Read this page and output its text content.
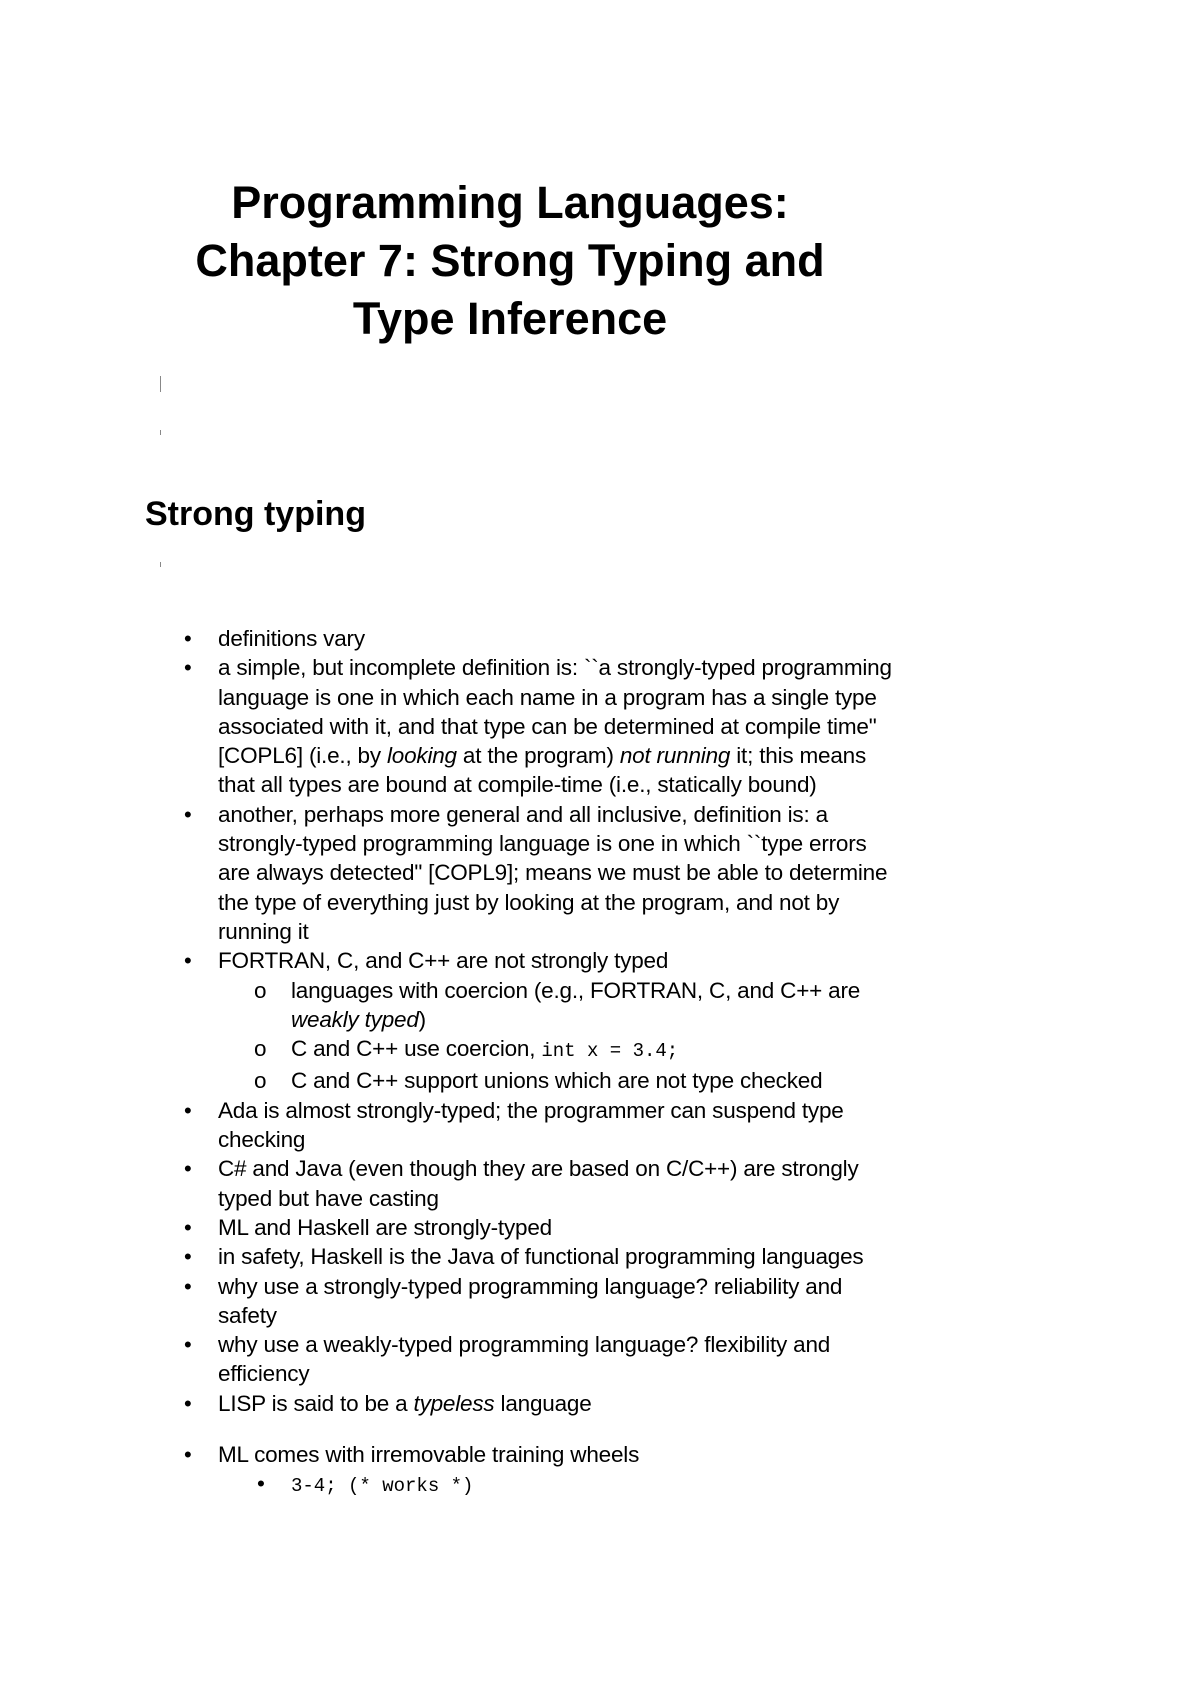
Programming Languages:
Chapter 7: Strong Typing and
Type Inference
Strong typing
• definitions vary
• a simple, but incomplete definition is: ``a strongly-typed programming language is one in which each name in a program has a single type associated with it, and that type can be determined at compile time" [COPL6] (i.e., by looking at the program) not running it; this means that all types are bound at compile-time (i.e., statically bound)
• another, perhaps more general and all inclusive, definition is: a strongly-typed programming language is one in which ``type errors are always detected" [COPL9]; means we must be able to determine the type of everything just by looking at the program, and not by running it
• FORTRAN, C, and C++ are not strongly typed
o languages with coercion (e.g., FORTRAN, C, and C++ are weakly typed)
o C and C++ use coercion, int x = 3.4;
o C and C++ support unions which are not type checked
• Ada is almost strongly-typed; the programmer can suspend type checking
• C# and Java (even though they are based on C/C++) are strongly typed but have casting
• ML and Haskell are strongly-typed
• in safety, Haskell is the Java of functional programming languages
• why use a strongly-typed programming language? reliability and safety
• why use a weakly-typed programming language? flexibility and efficiency
• LISP is said to be a typeless language
• ML comes with irremovable training wheels
• 3-4; (* works *)
